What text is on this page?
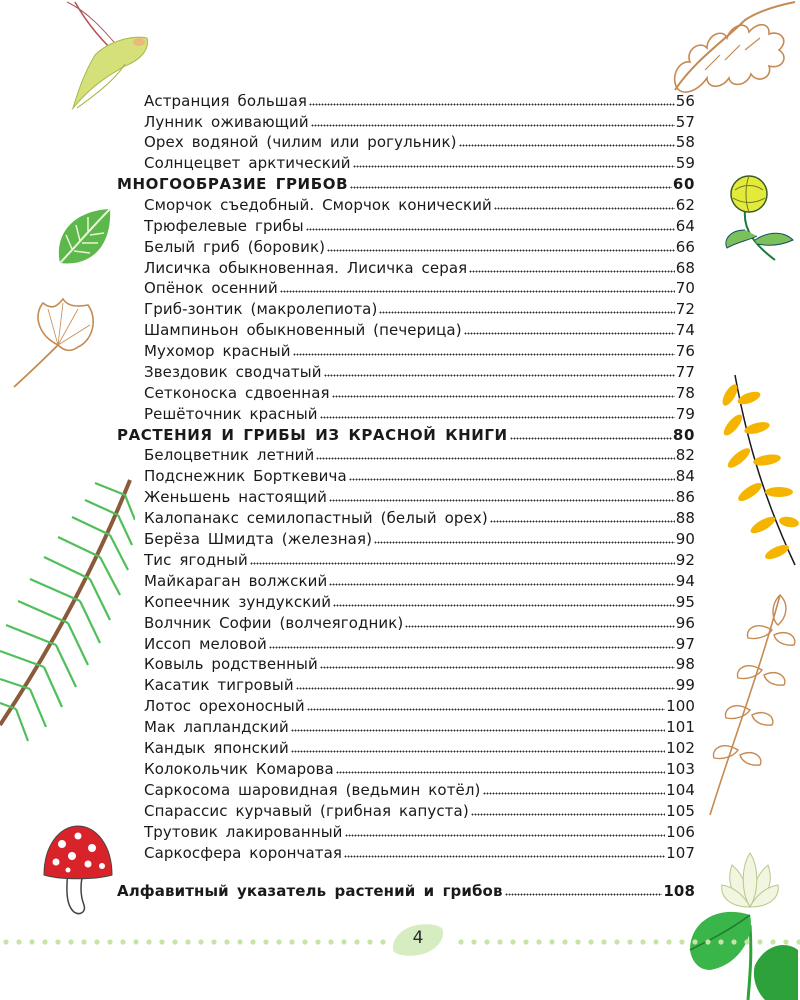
Астранция большая	56
Лунник оживающий	57
Орех водяной (чилим или рогульник)	58
Солнцецвет арктический	59
МНОГООБРАЗИЕ ГРИБОВ	60
Сморчок съедобный. Сморчок конический	62
Трюфелевые грибы	64
Белый гриб (боровик)	66
Лисичка обыкновенная. Лисичка серая	68
Опёнок осенний	70
Гриб-зонтик (макролепиота)	72
Шампиньон обыкновенный (печерица)	74
Мухомор красный	76
Звездовик сводчатый	77
Сетконоска сдвоенная	78
Решёточник красный	79
РАСТЕНИЯ И ГРИБЫ ИЗ КРАСНОЙ КНИГИ	80
Белоцветник летний	82
Подснежник Борткевича	84
Женьшень настоящий	86
Калопанакс семилопастный (белый орех)	88
Берёза Шмидта (железная)	90
Тис ягодный	92
Майкараган волжский	94
Копеечник зундукский	95
Волчник Софии (волчеягодник)	96
Иссоп меловой	97
Ковыль родственный	98
Касатик тигровый	99
Лотос орехоносный	100
Мак лапландский	101
Кандык японский	102
Колокольчик Комарова	103
Саркосома шаровидная (ведьмин котёл)	104
Спарассис курчавый (грибная капуста)	105
Трутовик лакированный	106
Саркосфера корончатая	107
Алфавитный указатель растений и грибов	108
4
